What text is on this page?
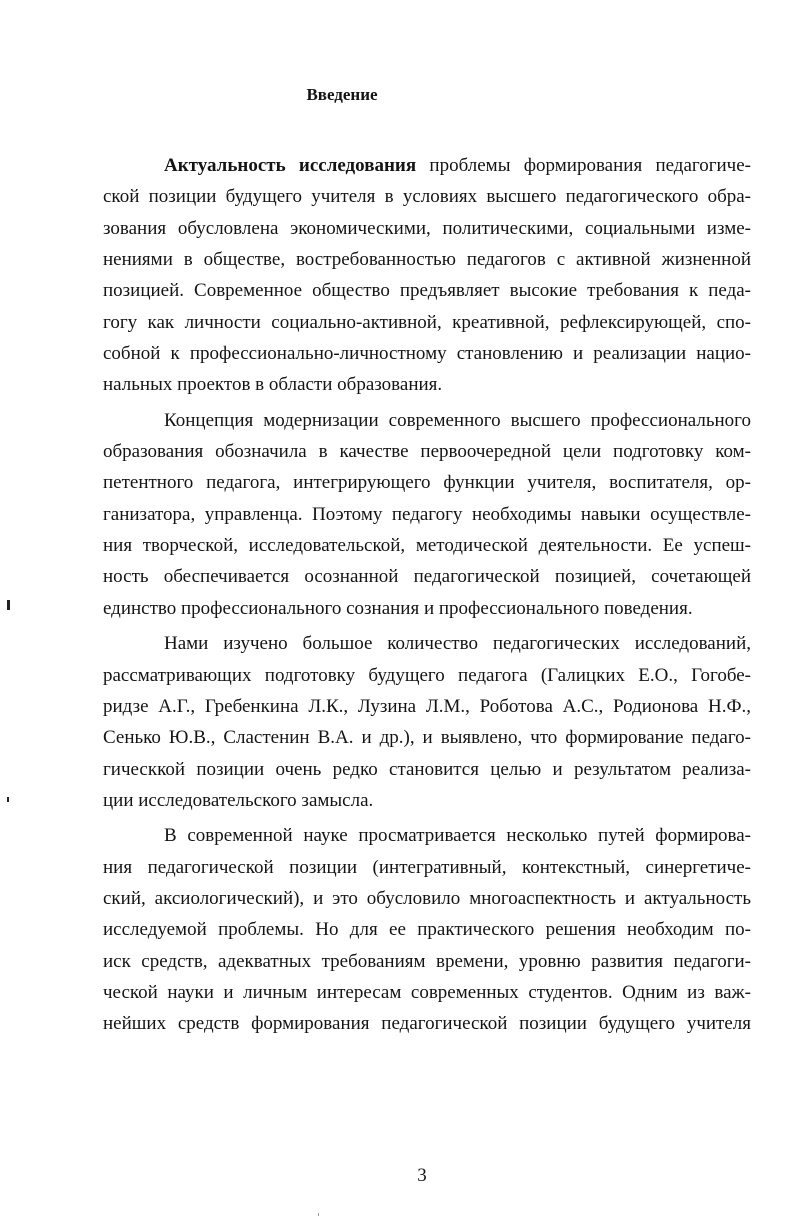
Введение
Актуальность исследования проблемы формирования педагогиче-
ской позиции будущего учителя в условиях высшего педагогического обра-
зования обусловлена экономическими, политическими, социальными изме-
нениями в обществе, востребованностью педагогов с активной жизненной
позицией. Современное общество предъявляет высокие требования к педа-
гогу как личности социально-активной, креативной, рефлексирующей, спо-
собной к профессионально-личностному становлению и реализации нацио-
нальных проектов в области образования.
Концепция модернизации современного высшего профессионального
образования обозначила в качестве первоочередной цели подготовку ком-
петентного педагога, интегрирующего функции учителя, воспитателя, ор-
ганизатора, управленца. Поэтому педагогу необходимы навыки осуществле-
ния творческой, исследовательской, методической деятельности. Ее успеш-
ность обеспечивается осознанной педагогической позицией, сочетающей
единство профессионального сознания и профессионального поведения.
Нами изучено большое количество педагогических исследований,
рассматривающих подготовку будущего педагога (Галицких Е.О., Гогобе-
ридзе А.Г., Гребенкина Л.К., Лузина Л.М., Роботова А.С., Родионова Н.Ф.,
Сенько Ю.В., Сластенин В.А. и др.), и выявлено, что формирование педаго-
гическкой позиции очень редко становится целью и результатом реализа-
ции исследовательского замысла.
В современной науке просматривается несколько путей формирова-
ния педагогической позиции (интегративный, контекстный, синергетиче-
ский, аксиологический), и это обусловило многоаспектность и актуальность
исследуемой проблемы. Но для ее практического решения необходим по-
иск средств, адекватных требованиям времени, уровню развития педагоги-
ческой науки и личным интересам современных студентов. Одним из важ-
нейших средств формирования педагогической позиции будущего учителя
3
